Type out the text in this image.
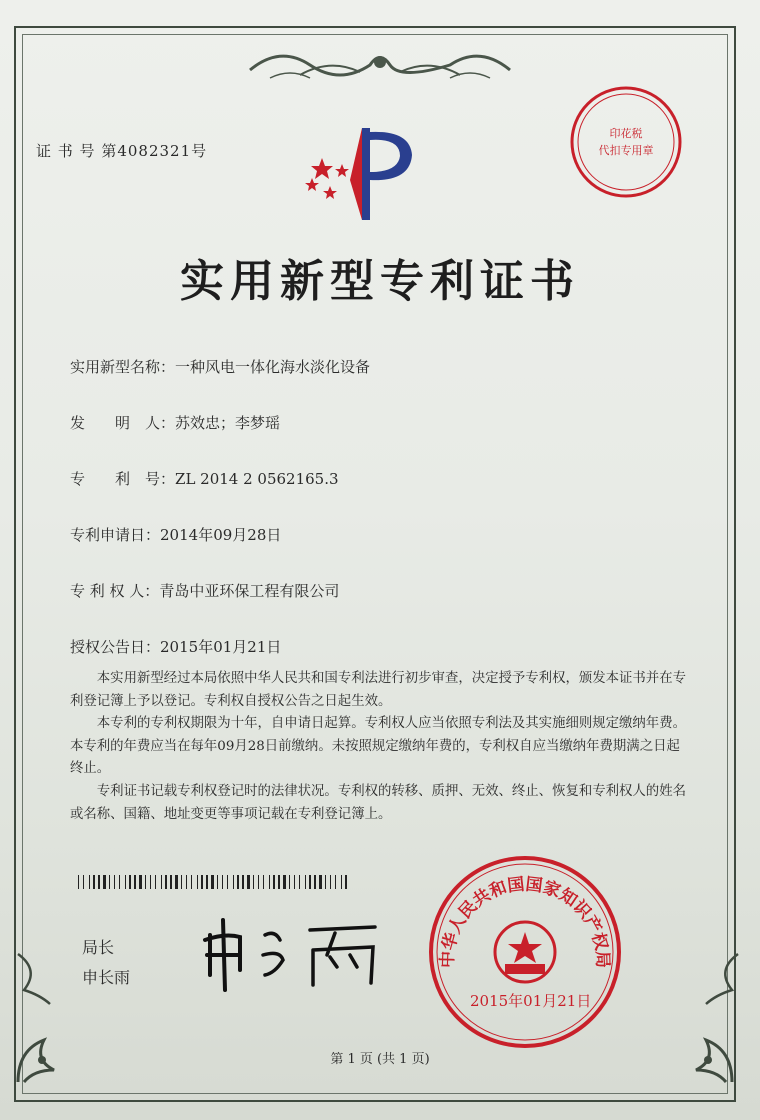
证 书 号 第4082321号
印花税
代扣专用章
实用新型专利证书
实用新型名称：一种风电一体化海水淡化设备
发　　明　人：苏效忠；李梦瑶
专　　利　号：ZL 2014 2 0562165.3
专利申请日：2014年09月28日
专 利 权 人：青岛中亚环保工程有限公司
授权公告日：2015年01月21日

本实用新型经过本局依照中华人民共和国专利法进行初步审查，决定授予专利权，颁发本证书并在专利登记簿上予以登记。专利权自授权公告之日起生效。

本专利的专利权期限为十年，自申请日起算。专利权人应当依照专利法及其实施细则规定缴纳年费。本专利的年费应当在每年09月28日前缴纳。未按照规定缴纳年费的，专利权自应当缴纳年费期满之日起终止。

专利证书记载专利权登记时的法律状况。专利权的转移、质押、无效、终止、恢复和专利权人的姓名或名称、国籍、地址变更等事项记载在专利登记簿上。

局长
申长雨
中华人民共和国国家知识产权局
2015年01月21日
第 1 页 (共 1 页)
